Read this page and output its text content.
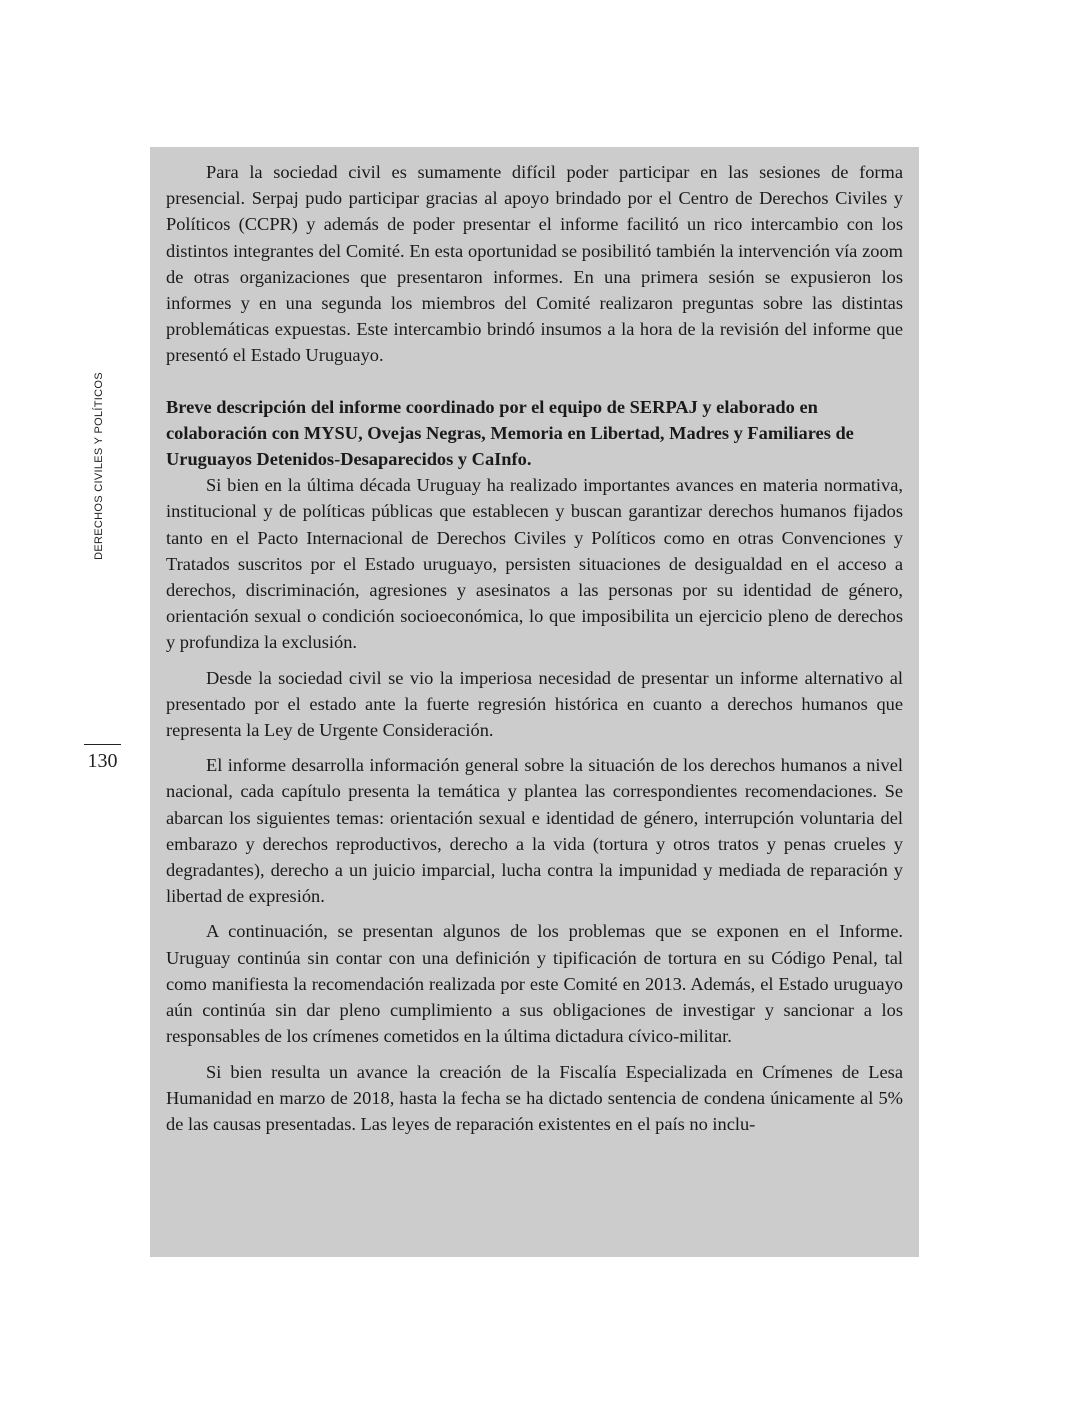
DERECHOS CIVILES Y POLÍTICOS
130

Para la sociedad civil es sumamente difícil poder participar en las sesiones de forma presencial. Serpaj pudo participar gracias al apoyo brindado por el Centro de Derechos Civiles y Políticos (CCPR) y además de poder presentar el informe facilitó un rico intercambio con los distintos integrantes del Comité. En esta oportunidad se posibilitó también la intervención vía zoom de otras organizaciones que presentaron informes. En una primera sesión se expusieron los informes y en una segunda los miembros del Comité realizaron preguntas sobre las distintas problemáticas expuestas. Este intercambio brindó insumos a la hora de la revisión del informe que presentó el Estado Uruguayo.

Breve descripción del informe coordinado por el equipo de SERPAJ y elaborado en colaboración con MYSU, Ovejas Negras, Memoria en Libertad, Madres y Familiares de Uruguayos Detenidos-Desaparecidos y CaInfo.

Si bien en la última década Uruguay ha realizado importantes avances en materia normativa, institucional y de políticas públicas que establecen y buscan garantizar derechos humanos fijados tanto en el Pacto Internacional de Derechos Civiles y Políticos como en otras Convenciones y Tratados suscritos por el Estado uruguayo, persisten situaciones de desigualdad en el acceso a derechos, discriminación, agresiones y asesinatos a las personas por su identidad de género, orientación sexual o condición socioeconómica, lo que imposibilita un ejercicio pleno de derechos y profundiza la exclusión.

Desde la sociedad civil se vio la imperiosa necesidad de presentar un informe alternativo al presentado por el estado ante la fuerte regresión histórica en cuanto a derechos humanos que representa la Ley de Urgente Consideración.

El informe desarrolla información general sobre la situación de los derechos humanos a nivel nacional, cada capítulo presenta la temática y plantea las correspondientes recomendaciones. Se abarcan los siguientes temas: orientación sexual e identidad de género, interrupción voluntaria del embarazo y derechos reproductivos, derecho a la vida (tortura y otros tratos y penas crueles y degradantes), derecho a un juicio imparcial, lucha contra la impunidad y mediada de reparación y libertad de expresión.

A continuación, se presentan algunos de los problemas que se exponen en el Informe. Uruguay continúa sin contar con una definición y tipificación de tortura en su Código Penal, tal como manifiesta la recomendación realizada por este Comité en 2013. Además, el Estado uruguayo aún continúa sin dar pleno cumplimiento a sus obligaciones de investigar y sancionar a los responsables de los crímenes cometidos en la última dictadura cívico-militar.

Si bien resulta un avance la creación de la Fiscalía Especializada en Crímenes de Lesa Humanidad en marzo de 2018, hasta la fecha se ha dictado sentencia de condena únicamente al 5% de las causas presentadas. Las leyes de reparación existentes en el país no inclu-
